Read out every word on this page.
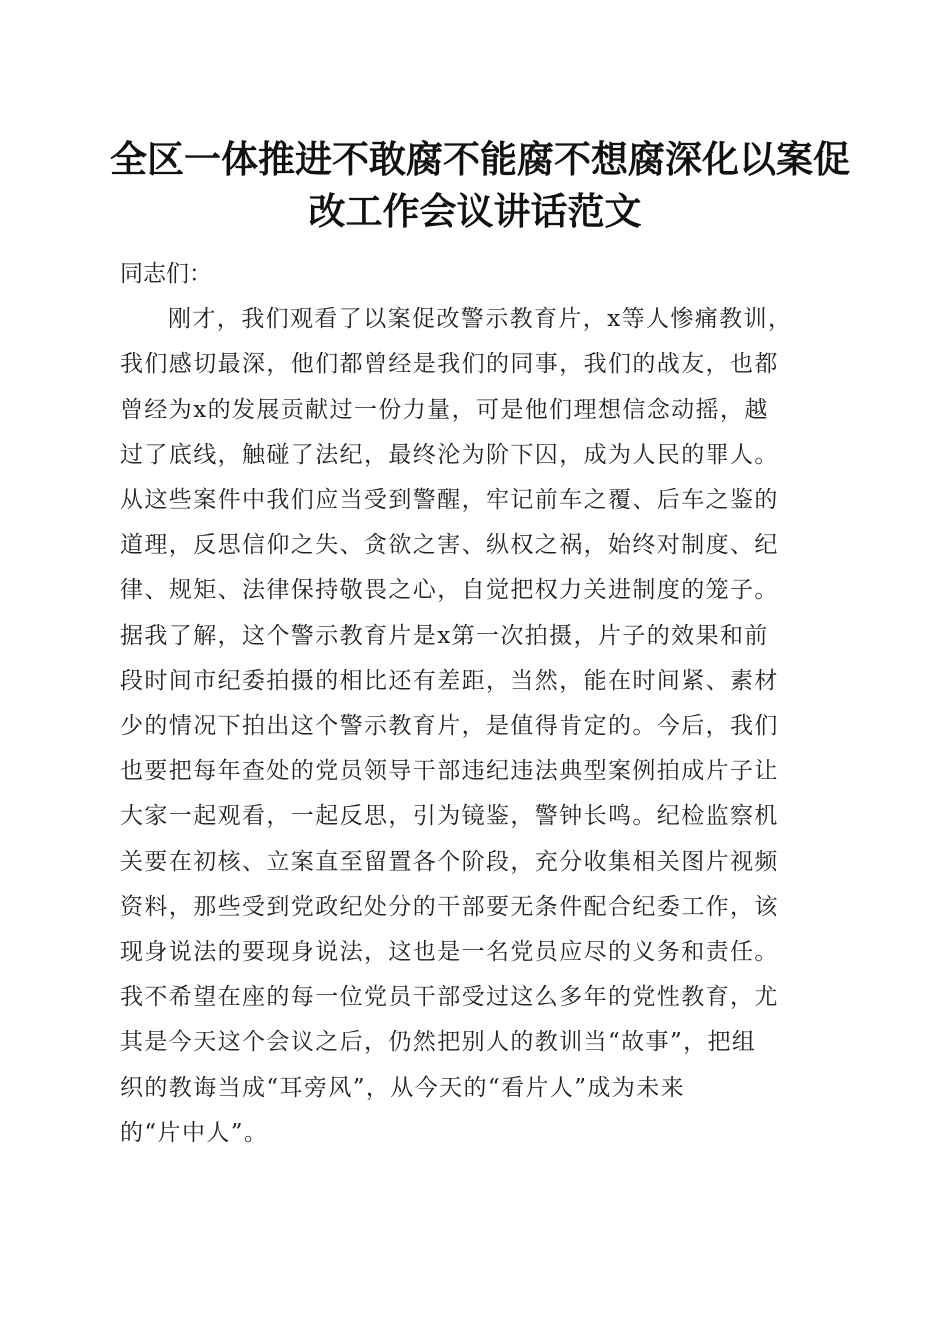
全区一体推进不敢腐不能腐不想腐深化以案促
改工作会议讲话范文
同志们：
刚才，我们观看了以案促改警示教育片，x等人惨痛教训，
我们感切最深，他们都曾经是我们的同事，我们的战友，也都
曾经为x的发展贡献过一份力量，可是他们理想信念动摇，越
过了底线，触碰了法纪，最终沦为阶下囚，成为人民的罪人。
从这些案件中我们应当受到警醒，牢记前车之覆、后车之鉴的
道理，反思信仰之失、贪欲之害、纵权之祸，始终对制度、纪
律、规矩、法律保持敬畏之心，自觉把权力关进制度的笼子。
据我了解，这个警示教育片是x第一次拍摄，片子的效果和前
段时间市纪委拍摄的相比还有差距，当然，能在时间紧、素材
少的情况下拍出这个警示教育片，是值得肯定的。今后，我们
也要把每年查处的党员领导干部违纪违法典型案例拍成片子让
大家一起观看，一起反思，引为镜鉴，警钟长鸣。纪检监察机
关要在初核、立案直至留置各个阶段，充分收集相关图片视频
资料，那些受到党政纪处分的干部要无条件配合纪委工作，该
现身说法的要现身说法，这也是一名党员应尽的义务和责任。
我不希望在座的每一位党员干部受过这么多年的党性教育，尤
其是今天这个会议之后，仍然把别人的教训当“故事”，把组
织的教诲当成“耳旁风”，从今天的“看片人”成为未来
的“片中人”。
